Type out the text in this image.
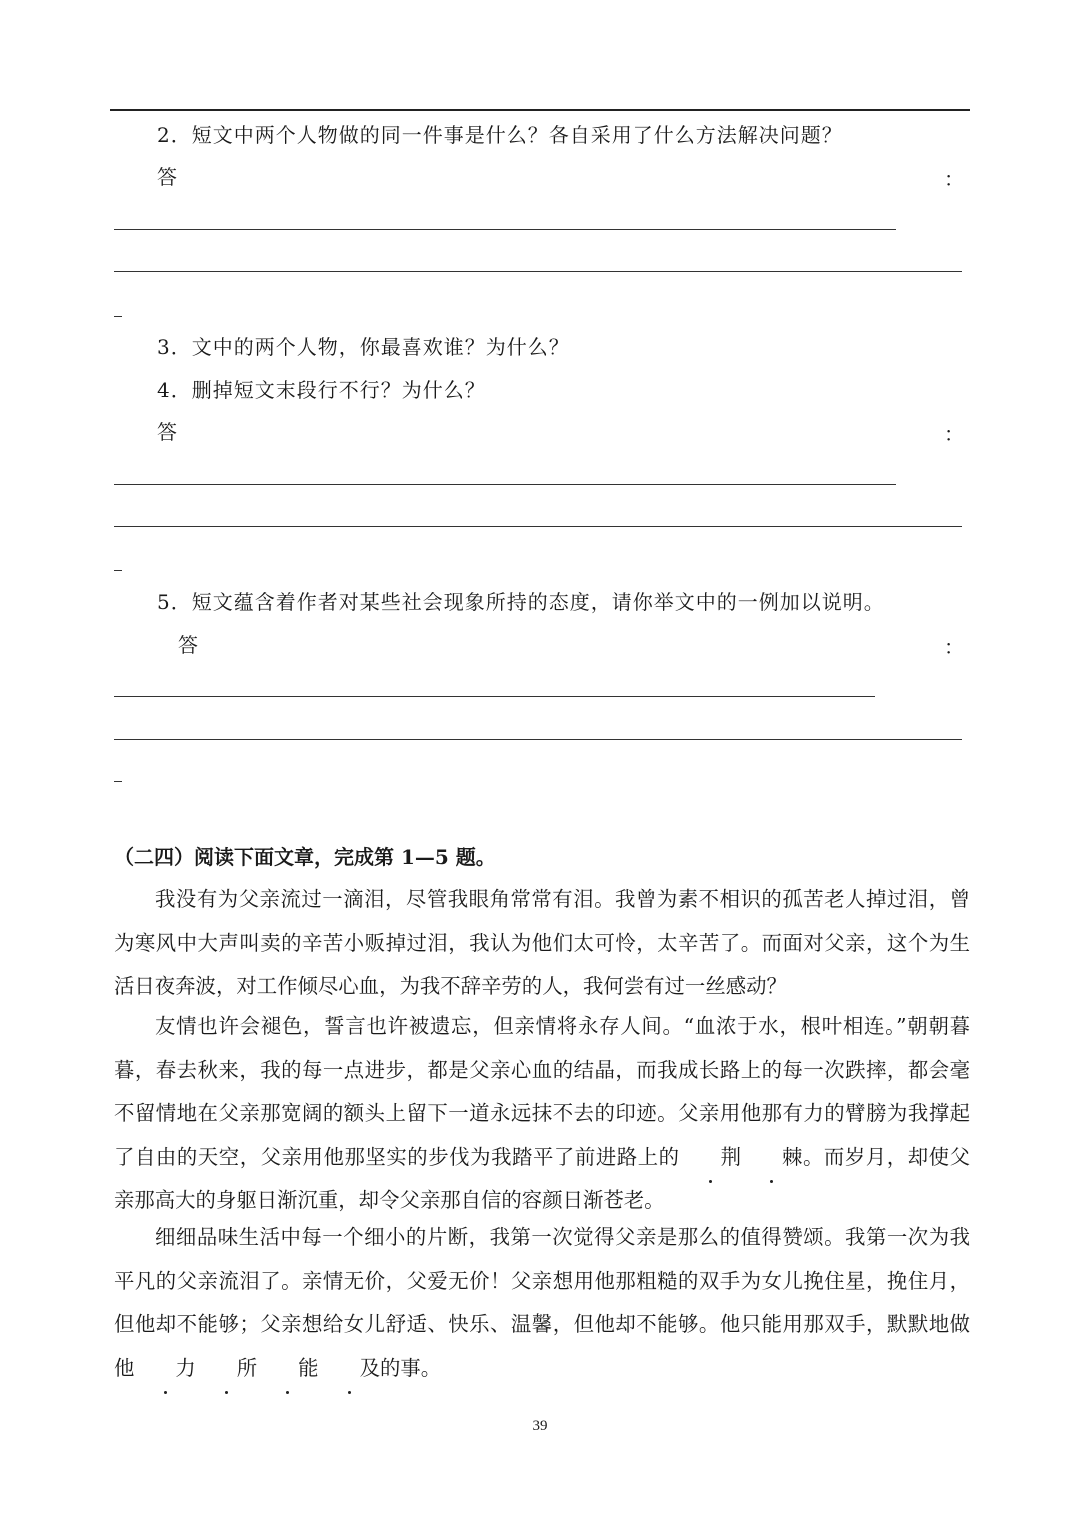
2．短文中两个人物做的同一件事是什么？各自采用了什么方法解决问题？
答	：
3．文中的两个人物，你最喜欢谁？为什么？
4．删掉短文末段行不行？为什么？
答	：
5．短文蕴含着作者对某些社会现象所持的态度，请你举文中的一例加以说明。
答	：
（二四）阅读下面文章，完成第 1—5 题。
我没有为父亲流过一滴泪，尽管我眼角常常有泪。我曾为素不相识的孤苦老人掉过泪，曾为寒风中大声叫卖的辛苦小贩掉过泪，我认为他们太可怜，太辛苦了。而面对父亲，这个为生活日夜奔波，对工作倾尽心血，为我不辞辛劳的人，我何尝有过一丝感动？
友情也许会褪色，誓言也许被遗忘，但亲情将永存人间。“血浓于水，根叶相连。”朝朝暮暮，春去秋来，我的每一点进步，都是父亲心血的结晶，而我成长路上的每一次跌摔，都会毫不留情地在父亲那宽阔的额头上留下一道永远抹不去的印迹。父亲用他那有力的臂膀为我撑起了自由的天空，父亲用他那坚实的步伐为我踏平了前进路上的 荆 棘。而岁月，却使父亲那高大的身躯日渐沉重，却令父亲那自信的容颜日渐苍老。
细细品味生活中每一个细小的片断，我第一次觉得父亲是那么的值得赞颂。我第一次为我平凡的父亲流泪了。亲情无价，父爱无价！父亲想用他那粗糙的双手为女儿挽住星，挽住月，但他却不能够；父亲想给女儿舒适、快乐、温馨，但他却不能够。他只能用那双手，默默地做他 力 所 能 及的事。
39
